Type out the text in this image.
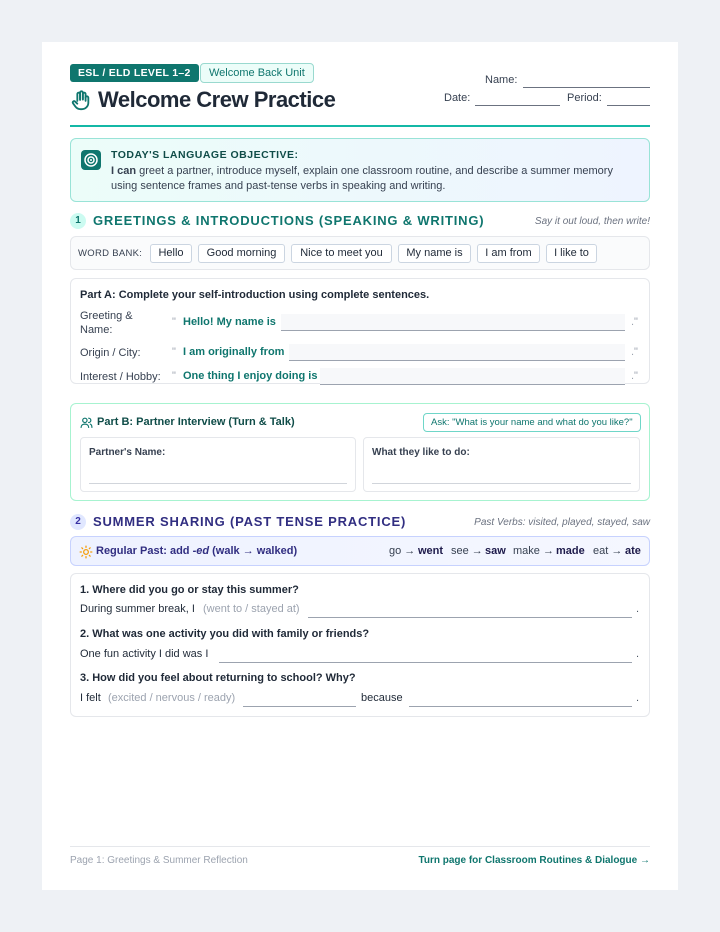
ESL / ELD LEVEL 1–2	Welcome Back Unit
Welcome Crew Practice
Name:
Date:	Period:
TODAY'S LANGUAGE OBJECTIVE:
I can greet a partner, introduce myself, explain one classroom routine, and describe a summer memory using sentence frames and past-tense verbs in speaking and writing.
1 GREETINGS & INTRODUCTIONS (SPEAKING & WRITING)	Say it out loud, then write!
WORD BANK:	Hello	Good morning	Nice to meet you	My name is	I am from	I like to
Part A: Complete your self-introduction using complete sentences.
Greeting & Name:
" Hello! My name is	."
Origin / City:	" I am originally from	."
Interest / Hobby: " One thing I enjoy doing is	."
Part B: Partner Interview (Turn & Talk)	Ask: "What is your name and what do you like?"
Partner's Name:	What they like to do:
2 SUMMER SHARING (PAST TENSE PRACTICE)	Past Verbs: visited, played, stayed, saw
Regular Past: add -ed (walk → walked)	go → went see → saw make → made eat → ate
1. Where did you go or stay this summer?
During summer break, I (went to / stayed at)	.
2. What was one activity you did with family or friends?
One fun activity I did was I	.
3. How did you feel about returning to school? Why?
I felt (excited / nervous / ready)	because	.
Page 1: Greetings & Summer Reflection	Turn page for Classroom Routines & Dialogue →
